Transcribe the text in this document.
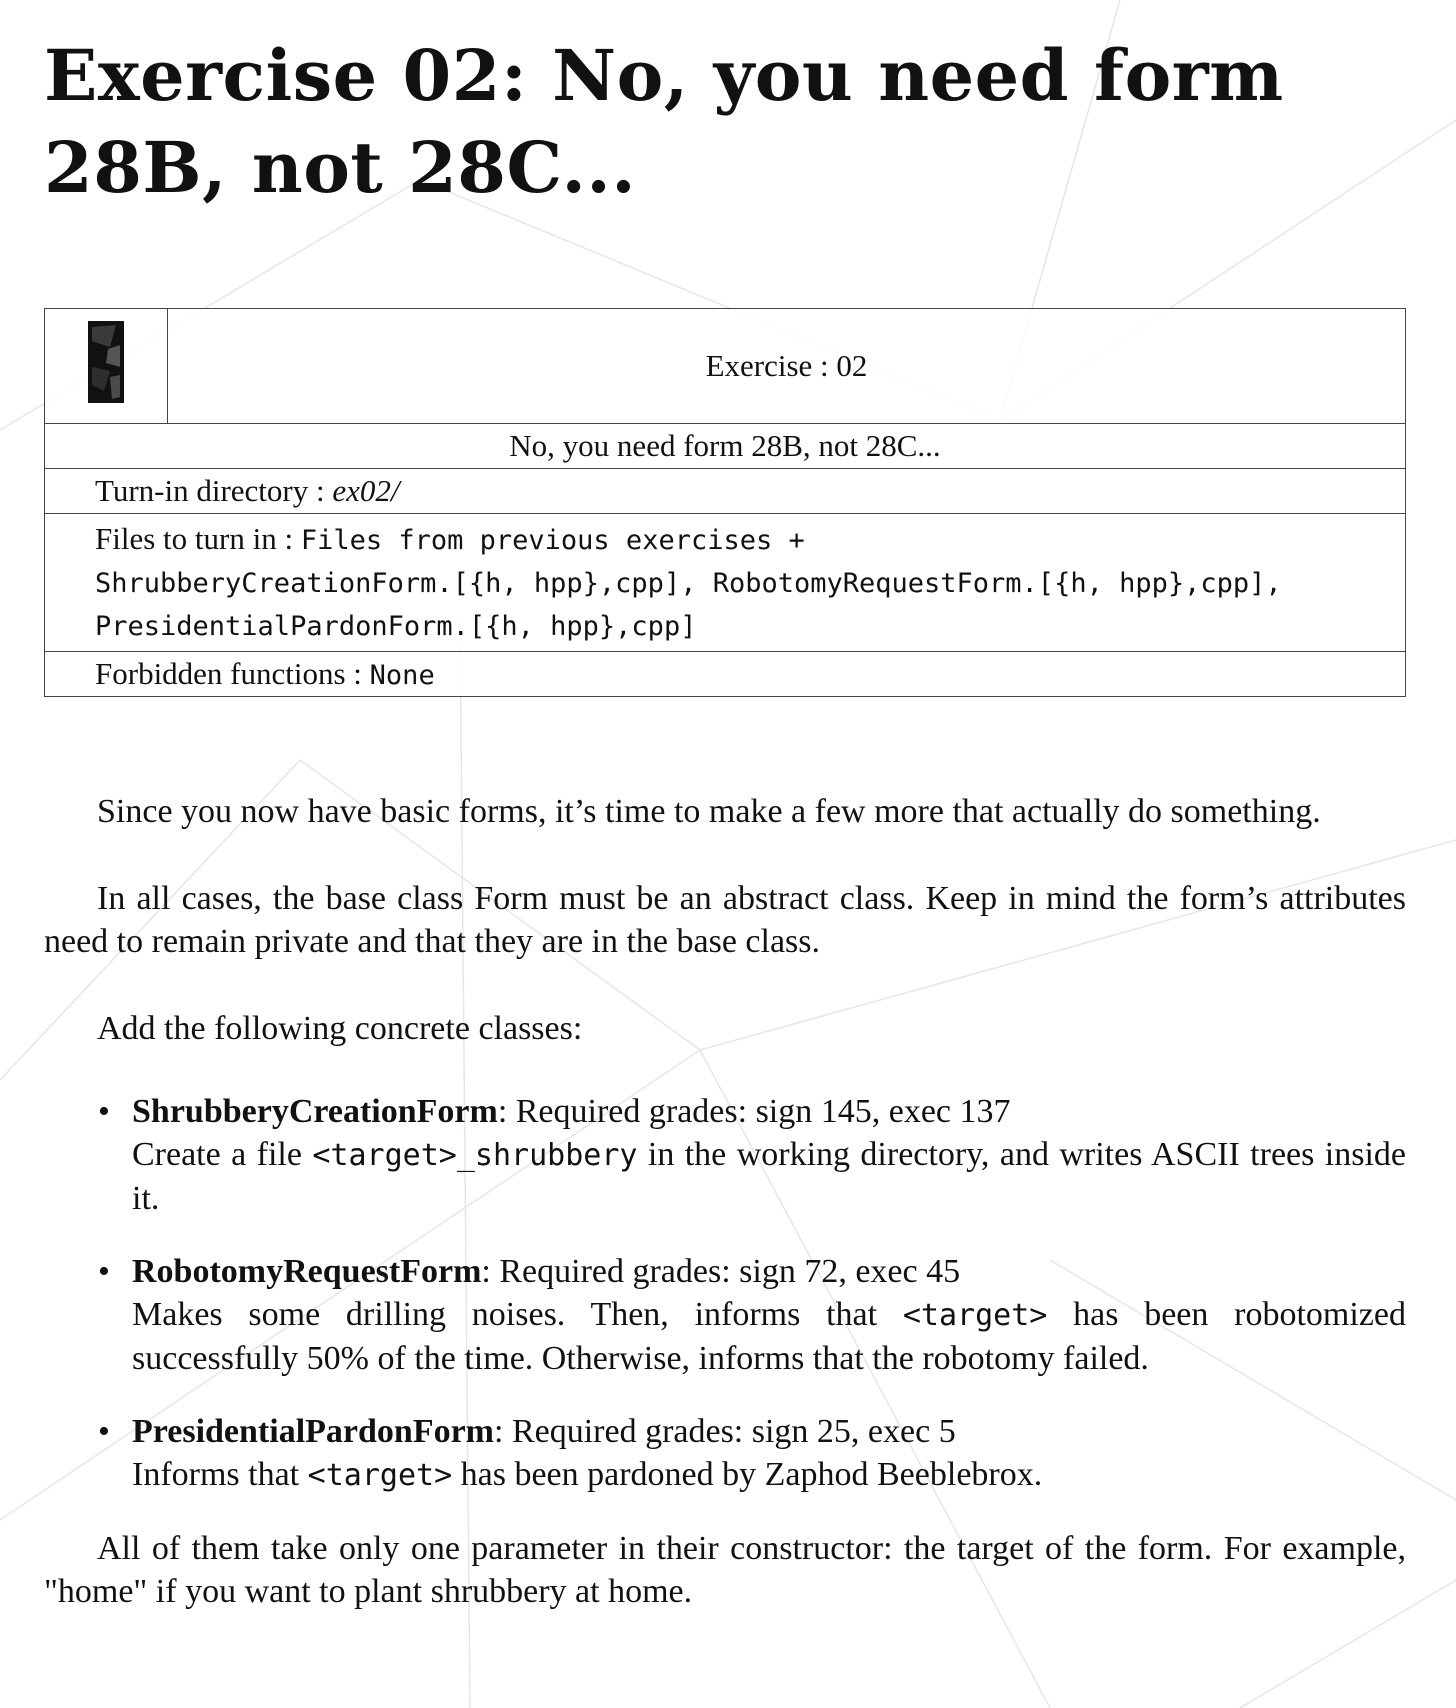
Exercise 02: No, you need form 28B, not 28C...
	Exercise : 02
No, you need form 28B, not 28C...
Turn-in directory : ex02/
Files to turn in : Files from previous exercises +
ShrubberyCreationForm.[{h, hpp},cpp], RobotomyRequestForm.[{h, hpp},cpp],
PresidentialPardonForm.[{h, hpp},cpp]
Forbidden functions : None

Since you now have basic forms, it’s time to make a few more that actually do something.

In all cases, the base class Form must be an abstract class. Keep in mind the form’s attributes need to remain private and that they are in the base class.

Add the following concrete classes:

• ShrubberyCreationForm: Required grades: sign 145, exec 137
Create a file <target>_shrubbery in the working directory, and writes ASCII trees inside it.
• RobotomyRequestForm: Required grades: sign 72, exec 45
Makes some drilling noises. Then, informs that <target> has been robotomized successfully 50% of the time. Otherwise, informs that the robotomy failed.
• PresidentialPardonForm: Required grades: sign 25, exec 5
Informs that <target> has been pardoned by Zaphod Beeblebrox.

All of them take only one parameter in their constructor: the target of the form. For example, "home" if you want to plant shrubbery at home.
